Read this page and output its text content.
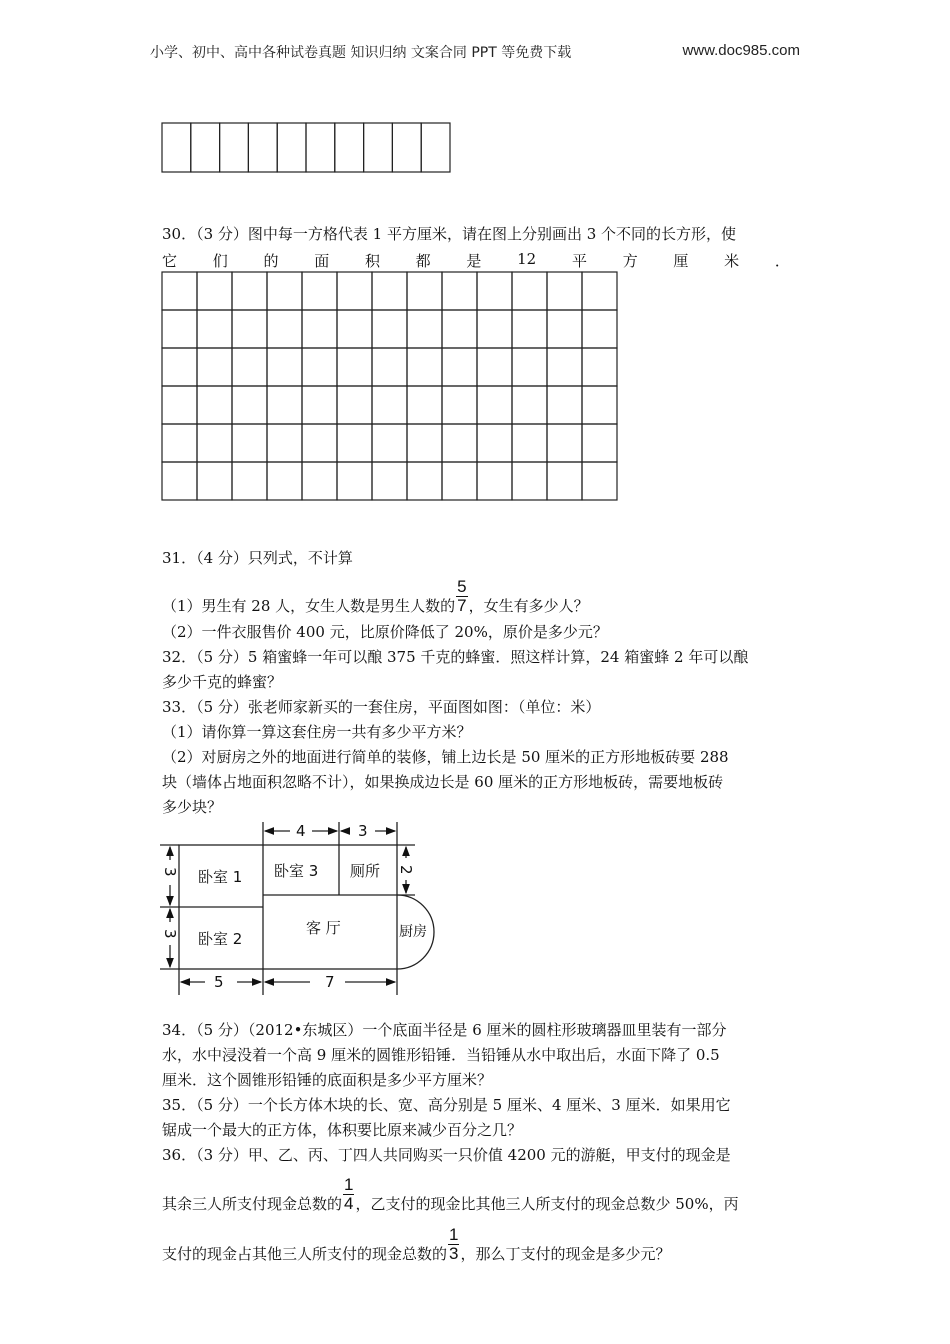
小学、初中、高中各种试卷真题 知识归纳 文案合同 PPT 等免费下载	www.doc985.com
30．（3 分）图中每一方格代表 1 平方厘米，请在图上分别画出 3 个不同的长方形，使
它 们 的 面 积 都 是 12 平 方 厘 米 ．
31．（4 分）只列式，不计算
（1）男生有 28 人，女生人数是男生人数的 $\frac{5}{7}$ ，女生有多少人？
（2）一件衣服售价 400 元，比原价降低了 20%，原价是多少元？
32．（5 分）5 箱蜜蜂一年可以酿 375 千克的蜂蜜．照这样计算，24 箱蜜蜂 2 年可以酿
多少千克的蜂蜜？
33．（5 分）张老师家新买的一套住房，平面图如图：（单位：米）
（1）请你算一算这套住房一共有多少平方米？
（2）对厨房之外的地面进行简单的装修，铺上边长是 50 厘米的正方形地板砖要 288
块（墙体占地面积忽略不计），如果换成边长是 60 厘米的正方形地板砖，需要地板砖
多少块？
卧室 1
卧室 2
卧室 3 厕所
客 厅	厨房
4	3
5	7
3
3
2
34．（5 分）（2012•东城区）一个底面半径是 6 厘米的圆柱形玻璃器皿里装有一部分
水，水中浸没着一个高 9 厘米的圆锥形铅锤．当铅锤从水中取出后，水面下降了 0.5
厘米．这个圆锥形铅锤的底面积是多少平方厘米？
35．（5 分）一个长方体木块的长、宽、高分别是 5 厘米、4 厘米、3 厘米．如果用它
锯成一个最大的正方体，体积要比原来减少百分之几？
36．（3 分）甲、乙、丙、丁四人共同购买一只价值 4200 元的游艇，甲支付的现金是
其余三人所支付现金总数的 $\frac{1}{4}$ ，乙支付的现金比其他三人所支付的现金总数少 50%，丙
支付的现金占其他三人所支付的现金总数的 $\frac{1}{3}$ ，那么丁支付的现金是多少元？
